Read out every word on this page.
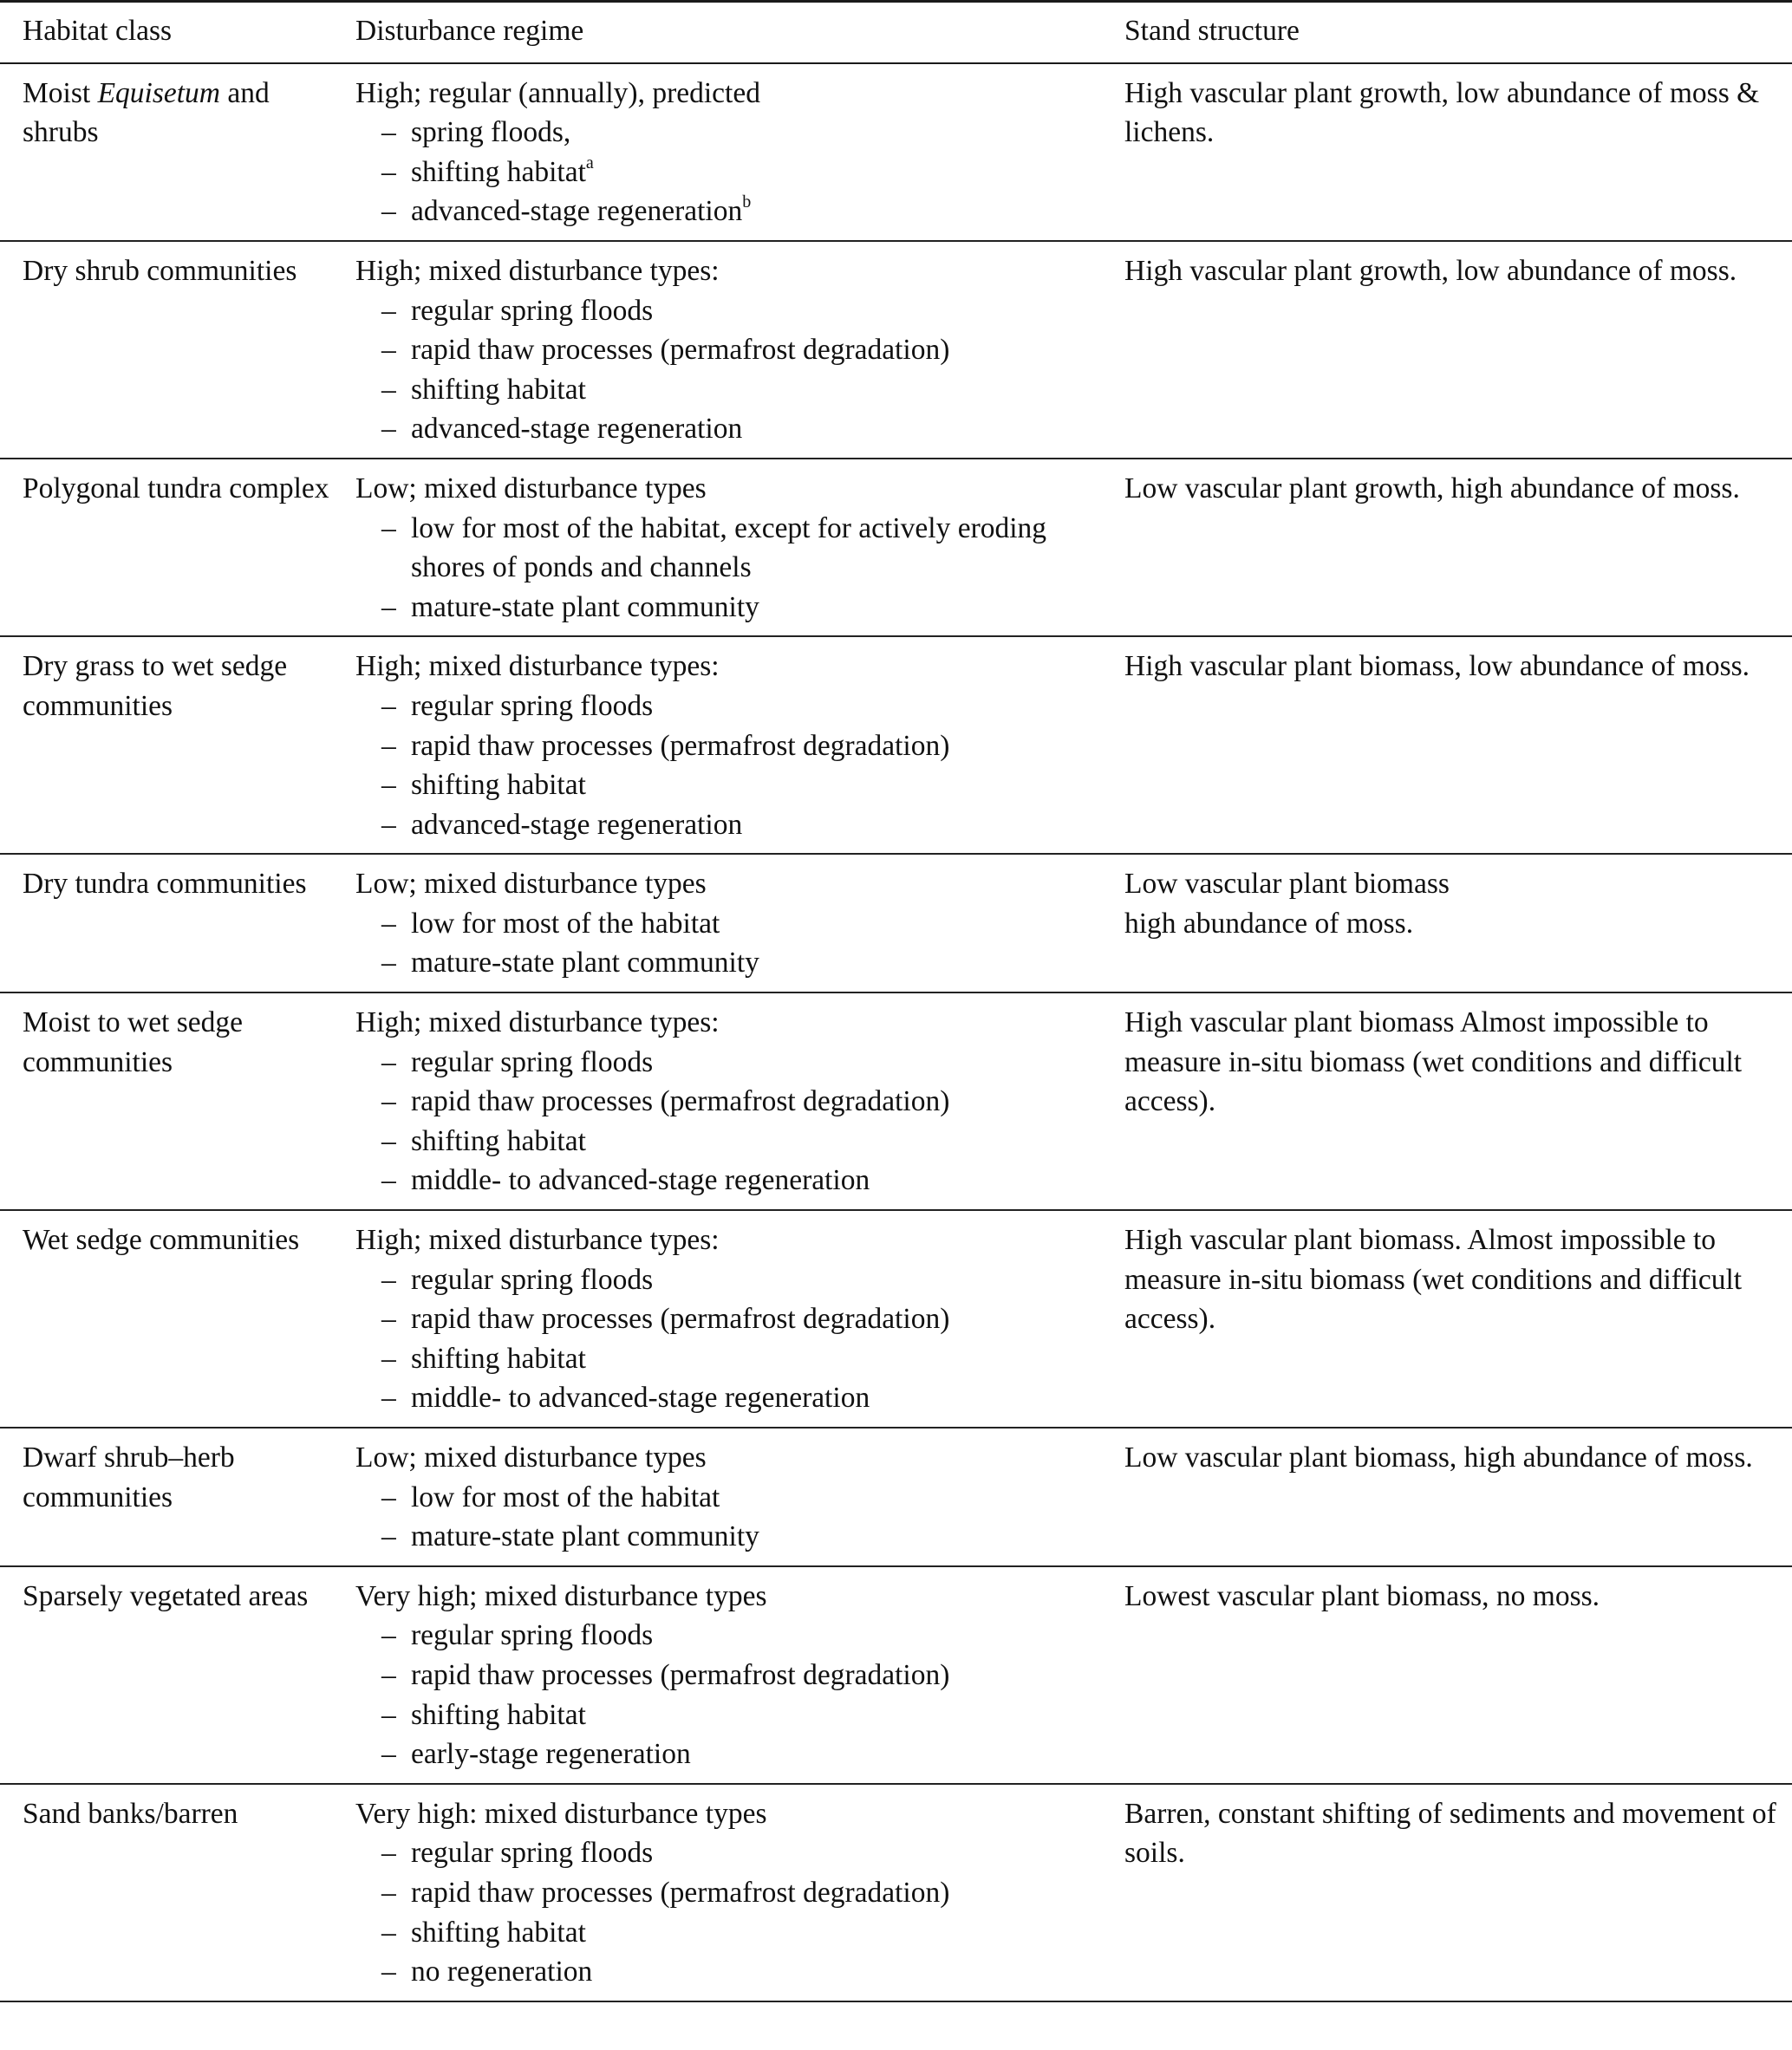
Habitat class	Disturbance regime	Stand structure

Moist Equisetum and shrubs	High; regular (annually), predicted
– spring floods,
– shifting habitat$^a$
– advanced-stage regeneration$^b$	High vascular plant growth, low abundance of moss & lichens.

Dry shrub communities	High; mixed disturbance types:
– regular spring floods
– rapid thaw processes (permafrost degradation)
– shifting habitat
– advanced-stage regeneration	High vascular plant growth, low abundance of moss.

Polygonal tundra complex	Low; mixed disturbance types
– low for most of the habitat, except for actively eroding shores of ponds and channels
– mature-state plant community	Low vascular plant growth, high abundance of moss.

Dry grass to wet sedge communities	High; mixed disturbance types:
– regular spring floods
– rapid thaw processes (permafrost degradation)
– shifting habitat
– advanced-stage regeneration	High vascular plant biomass, low abundance of moss.

Dry tundra communities	Low; mixed disturbance types
– low for most of the habitat
– mature-state plant community	Low vascular plant biomass
high abundance of moss.

Moist to wet sedge communities	High; mixed disturbance types:
– regular spring floods
– rapid thaw processes (permafrost degradation)
– shifting habitat
– middle- to advanced-stage regeneration	High vascular plant biomass Almost impossible to measure in-situ biomass (wet conditions and difficult access).

Wet sedge communities	High; mixed disturbance types:
– regular spring floods
– rapid thaw processes (permafrost degradation)
– shifting habitat
– middle- to advanced-stage regeneration	High vascular plant biomass. Almost impossible to measure in-situ biomass (wet conditions and difficult access).

Dwarf shrub–herb communities	Low; mixed disturbance types
– low for most of the habitat
– mature-state plant community	Low vascular plant biomass, high abundance of moss.

Sparsely vegetated areas	Very high; mixed disturbance types
– regular spring floods
– rapid thaw processes (permafrost degradation)
– shifting habitat
– early-stage regeneration	Lowest vascular plant biomass, no moss.

Sand banks/barren	Very high: mixed disturbance types
– regular spring floods
– rapid thaw processes (permafrost degradation)
– shifting habitat
– no regeneration	Barren, constant shifting of sediments and movement of soils.
